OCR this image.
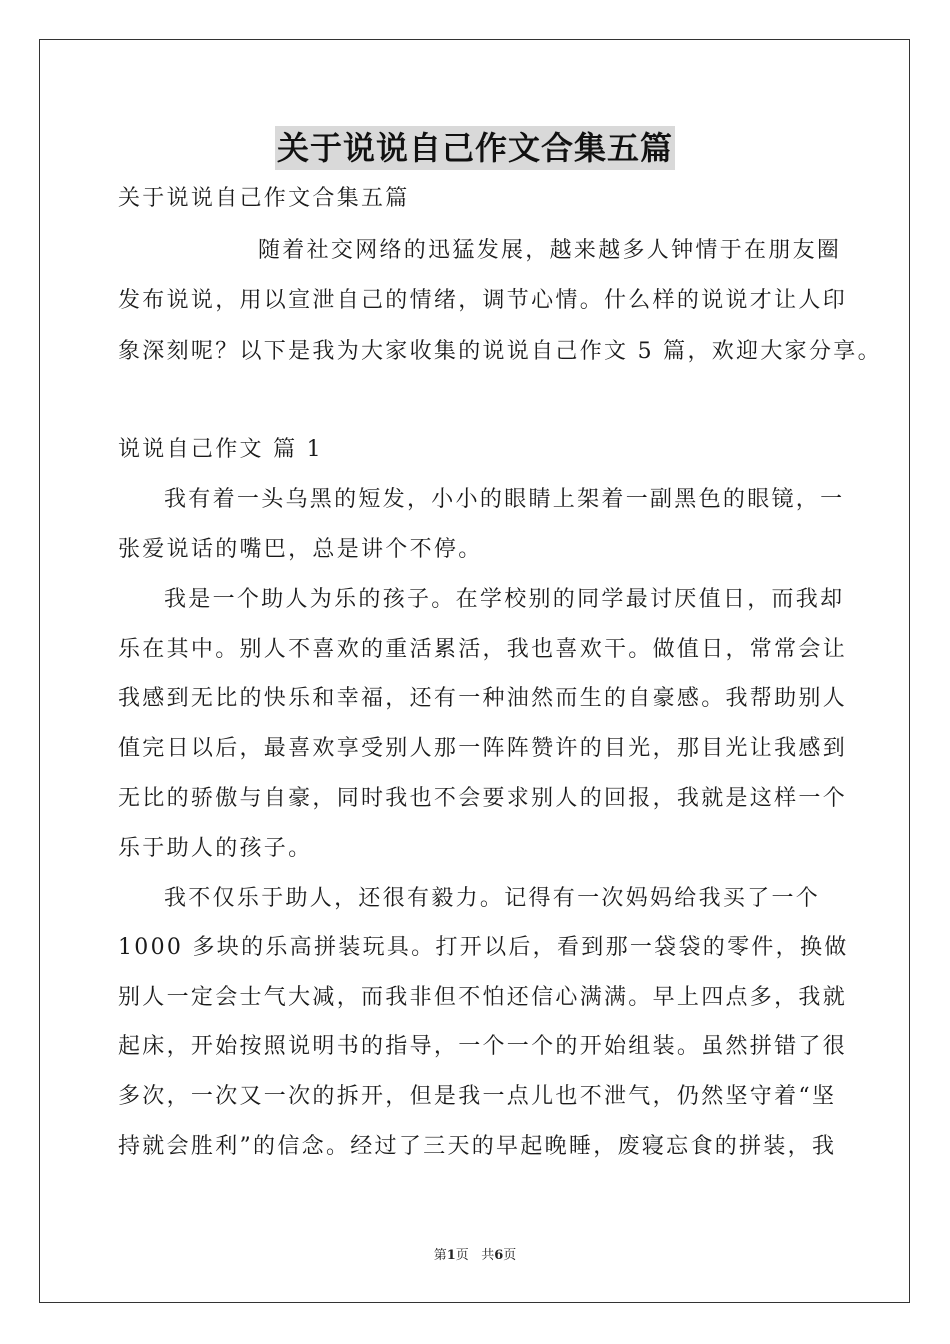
关于说说自己作文合集五篇
关于说说自己作文合集五篇
随着社交网络的迅猛发展，越来越多人钟情于在朋友圈
发布说说，用以宣泄自己的情绪，调节心情。什么样的说说才让人印
象深刻呢？以下是我为大家收集的说说自己作文 5 篇，欢迎大家分享。
说说自己作文 篇 1
我有着一头乌黑的短发，小小的眼睛上架着一副黑色的眼镜，一
张爱说话的嘴巴，总是讲个不停。
我是一个助人为乐的孩子。在学校别的同学最讨厌值日，而我却
乐在其中。别人不喜欢的重活累活，我也喜欢干。做值日，常常会让
我感到无比的快乐和幸福，还有一种油然而生的自豪感。我帮助别人
值完日以后，最喜欢享受别人那一阵阵赞许的目光，那目光让我感到
无比的骄傲与自豪，同时我也不会要求别人的回报，我就是这样一个
乐于助人的孩子。
我不仅乐于助人，还很有毅力。记得有一次妈妈给我买了一个
1000 多块的乐高拼装玩具。打开以后，看到那一袋袋的零件，换做
别人一定会士气大减，而我非但不怕还信心满满。早上四点多，我就
起床，开始按照说明书的指导，一个一个的开始组装。虽然拼错了很
多次，一次又一次的拆开，但是我一点儿也不泄气，仍然坚守着“坚
持就会胜利”的信念。经过了三天的早起晚睡，废寝忘食的拼装，我
第1页 共6页
